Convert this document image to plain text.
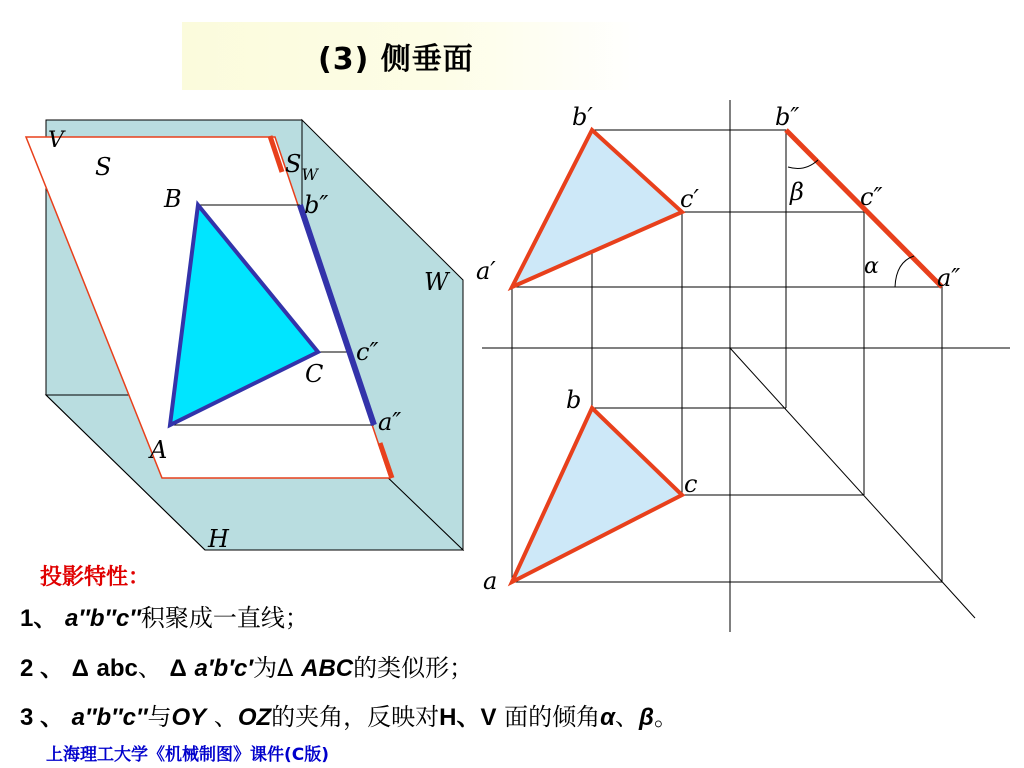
(3) 侧垂面
V
S	$S_W$
B	b″
W
c″
C
a″
A
H
b′	b″
c′	β c″
a′	α a″
b
c
a
投影特性：
1、 a″b″c″积聚成一直线；
2 、 Δ abc、 Δ a′b′c′为Δ ABC的类似形；
3 、 a″b″c″与OY 、OZ的夹角，反映对H、V 面的倾角α、β。
上海理工大学《机械制图》课件(C版)
